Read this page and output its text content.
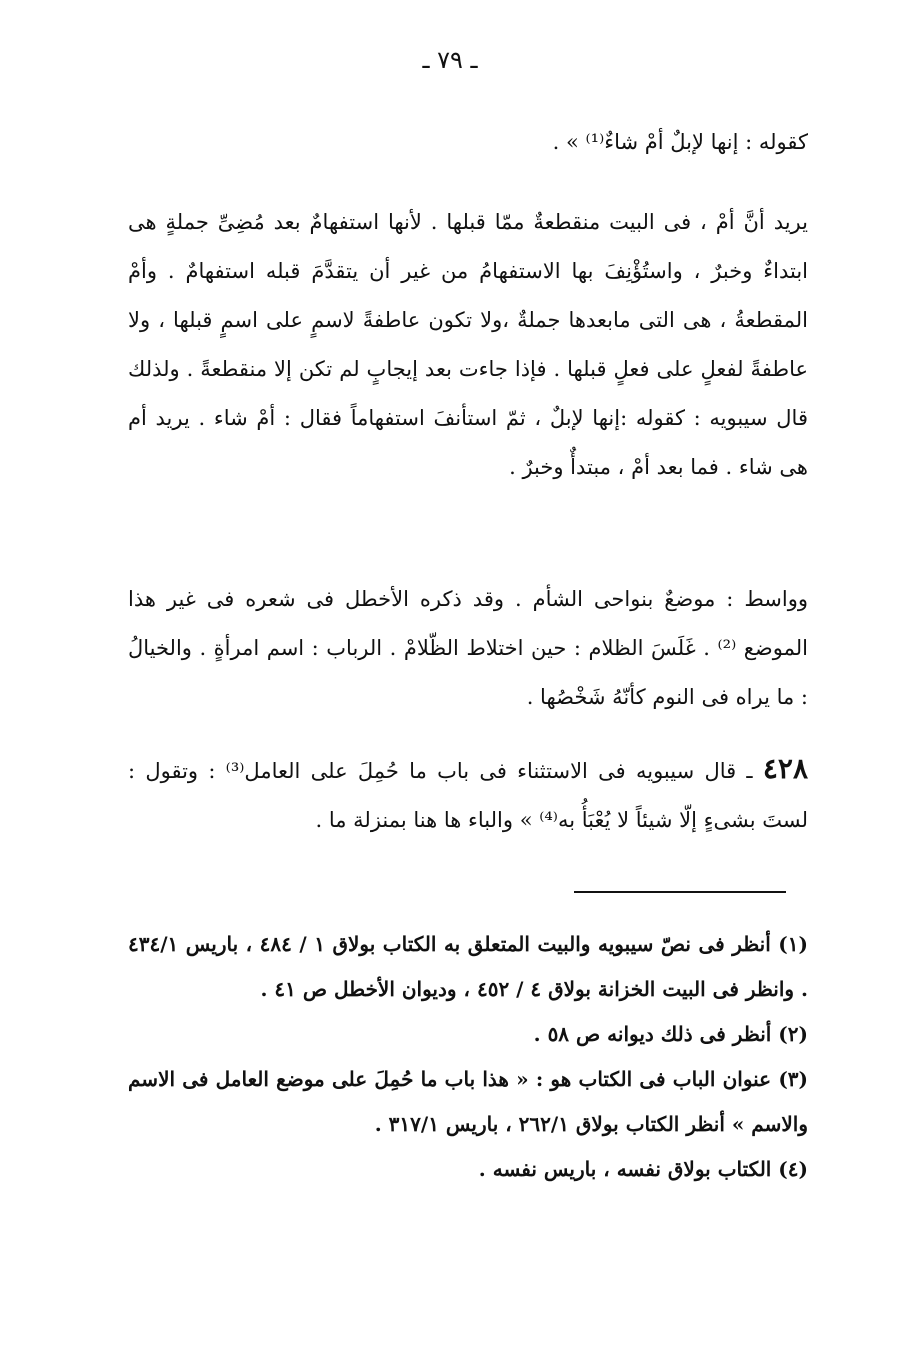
ـ ٧٩ ـ

كقوله : إنها لإبلٌ أمْ شاءٌ⁽¹⁾ » .

يريد أنَّ أمْ ، فى البيت منقطعةٌ ممّا قبلها . لأنها استفهامٌ بعد مُضِىِّ جملةٍ هى ابتداءٌ وخبرٌ ، واستُؤْنِفَ بها الاستفهامُ من غير أن يتقدَّمَ قبله استفهامٌ . وأمْ المقطعةُ ، هى التى مابعدها جملةٌ ،ولا تكون عاطفةً لاسمٍ على اسمٍ قبلها ، ولا عاطفةً لفعلٍ على فعلٍ قبلها . فإذا جاءت بعد إيجابٍ لم تكن إلا منقطعةً . ولذلك قال سيبويه : كقوله :إنها لإبلٌ ، ثمّ استأنفَ استفهاماً فقال : أمْ شاء . يريد أم هى شاء . فما بعد أمْ ، مبتدأٌ وخبرٌ .

وواسط : موضعٌ بنواحى الشأم . وقد ذكره الأخطل فى شعره فى غير هذا الموضع ⁽²⁾ . غَلَسَ الظلام : حين اختلاط الظّلامْ . الرباب : اسم امرأةٍ . والخيالُ : ما يراه فى النوم كأنّهُ شَخْصُها .

٤٢٨ ـ قال سيبويه فى الاستثناء فى باب ما حُمِلَ على العامل⁽³⁾ : وتقول : لستَ بشىءٍ إلّا شيئاً لا يُعْبَأُ به⁽⁴⁾ » والباء ها هنا بمنزلة ما .

(١) أنظر فى نصّ سيبويه والبيت المتعلق به الكتاب بولاق ١ / ٤٨٤ ، باريس ٤٣٤/١ . وانظر فى البيت الخزانة بولاق ٤ / ٤٥٢ ، وديوان الأخطل ص ٤١ .

(٢) أنظر فى ذلك ديوانه ص ٥٨ .

(٣) عنوان الباب فى الكتاب هو : « هذا باب ما حُمِلَ على موضع العامل فى الاسم والاسم » أنظر الكتاب بولاق ٢٦٢/١ ، باريس ٣١٧/١ .

(٤) الكتاب بولاق نفسه ، باريس نفسه .
